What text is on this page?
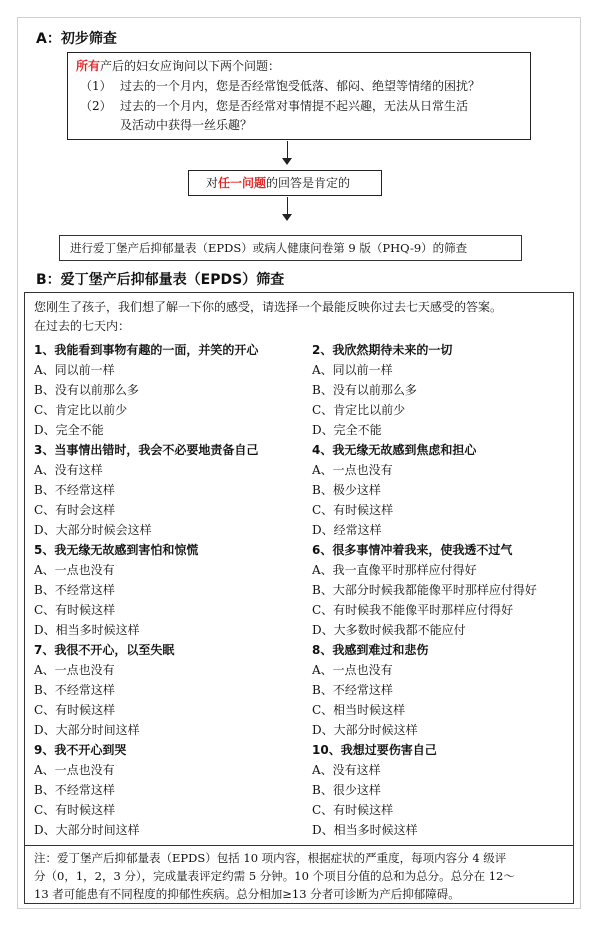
A：初步筛查
所有产后的妇女应询问以下两个问题：
（1） 过去的一个月内，您是否经常饱受低落、郁闷、绝望等情绪的困扰？
（2） 过去的一个月内，您是否经常对事情提不起兴趣，无法从日常生活
及活动中获得一丝乐趣？
对任一问题的回答是肯定的
进行爱丁堡产后抑郁量表（EPDS）或病人健康问卷第 9 版（PHQ-9）的筛查
B：爱丁堡产后抑郁量表（EPDS）筛查
您刚生了孩子，我们想了解一下你的感受，请选择一个最能反映你过去七天感受的答案。
在过去的七天内：
1、我能看到事物有趣的一面，并笑的开心
A、同以前一样
B、没有以前那么多
C、肯定比以前少
D、完全不能
2、我欣然期待未来的一切
A、同以前一样
B、没有以前那么多
C、肯定比以前少
D、完全不能
3、当事情出错时，我会不必要地责备自己
A、没有这样
B、不经常这样
C、有时会这样
D、大部分时候会这样
4、我无缘无故感到焦虑和担心
A、一点也没有
B、极少这样
C、有时候这样
D、经常这样
5、我无缘无故感到害怕和惊慌
A、一点也没有
B、不经常这样
C、有时候这样
D、相当多时候这样
6、很多事情冲着我来，使我透不过气
A、我一直像平时那样应付得好
B、大部分时候我都能像平时那样应付得好
C、有时候我不能像平时那样应付得好
D、大多数时候我都不能应付
7、我很不开心，以至失眠
A、一点也没有
B、不经常这样
C、有时候这样
D、大部分时间这样
8、我感到难过和悲伤
A、一点也没有
B、不经常这样
C、相当时候这样
D、大部分时候这样
9、我不开心到哭
A、一点也没有
B、不经常这样
C、有时候这样
D、大部分时间这样
10、我想过要伤害自己
A、没有这样
B、很少这样
C、有时候这样
D、相当多时候这样
注：爱丁堡产后抑郁量表（EPDS）包括 10 项内容，根据症状的严重度，每项内容分 4 级评
分（0，1，2，3 分），完成量表评定约需 5 分钟。10 个项目分值的总和为总分。总分在 12～
13 者可能患有不同程度的抑郁性疾病。总分相加≥13 分者可诊断为产后抑郁障碍。
